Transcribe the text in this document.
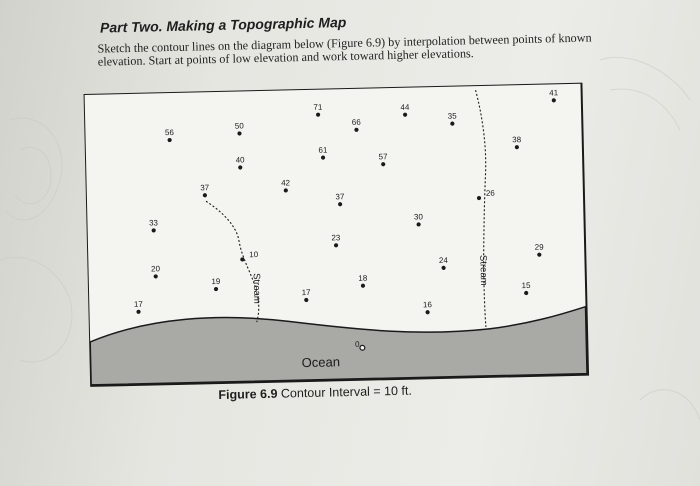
Part Two. Making a Topographic Map
Sketch the contour lines on the diagram below (Figure 6.9) by interpolation between points of known elevation. Start at points of low elevation and work toward higher elevations.
Stream
Stream
Ocean
56
50
71
66
44
35
41
38
40
61
57
37
42
37	26
33
30
23
10
29
20
24
18
19
17
15
17
16
0
Figure 6.9 Contour Interval = 10 ft.
